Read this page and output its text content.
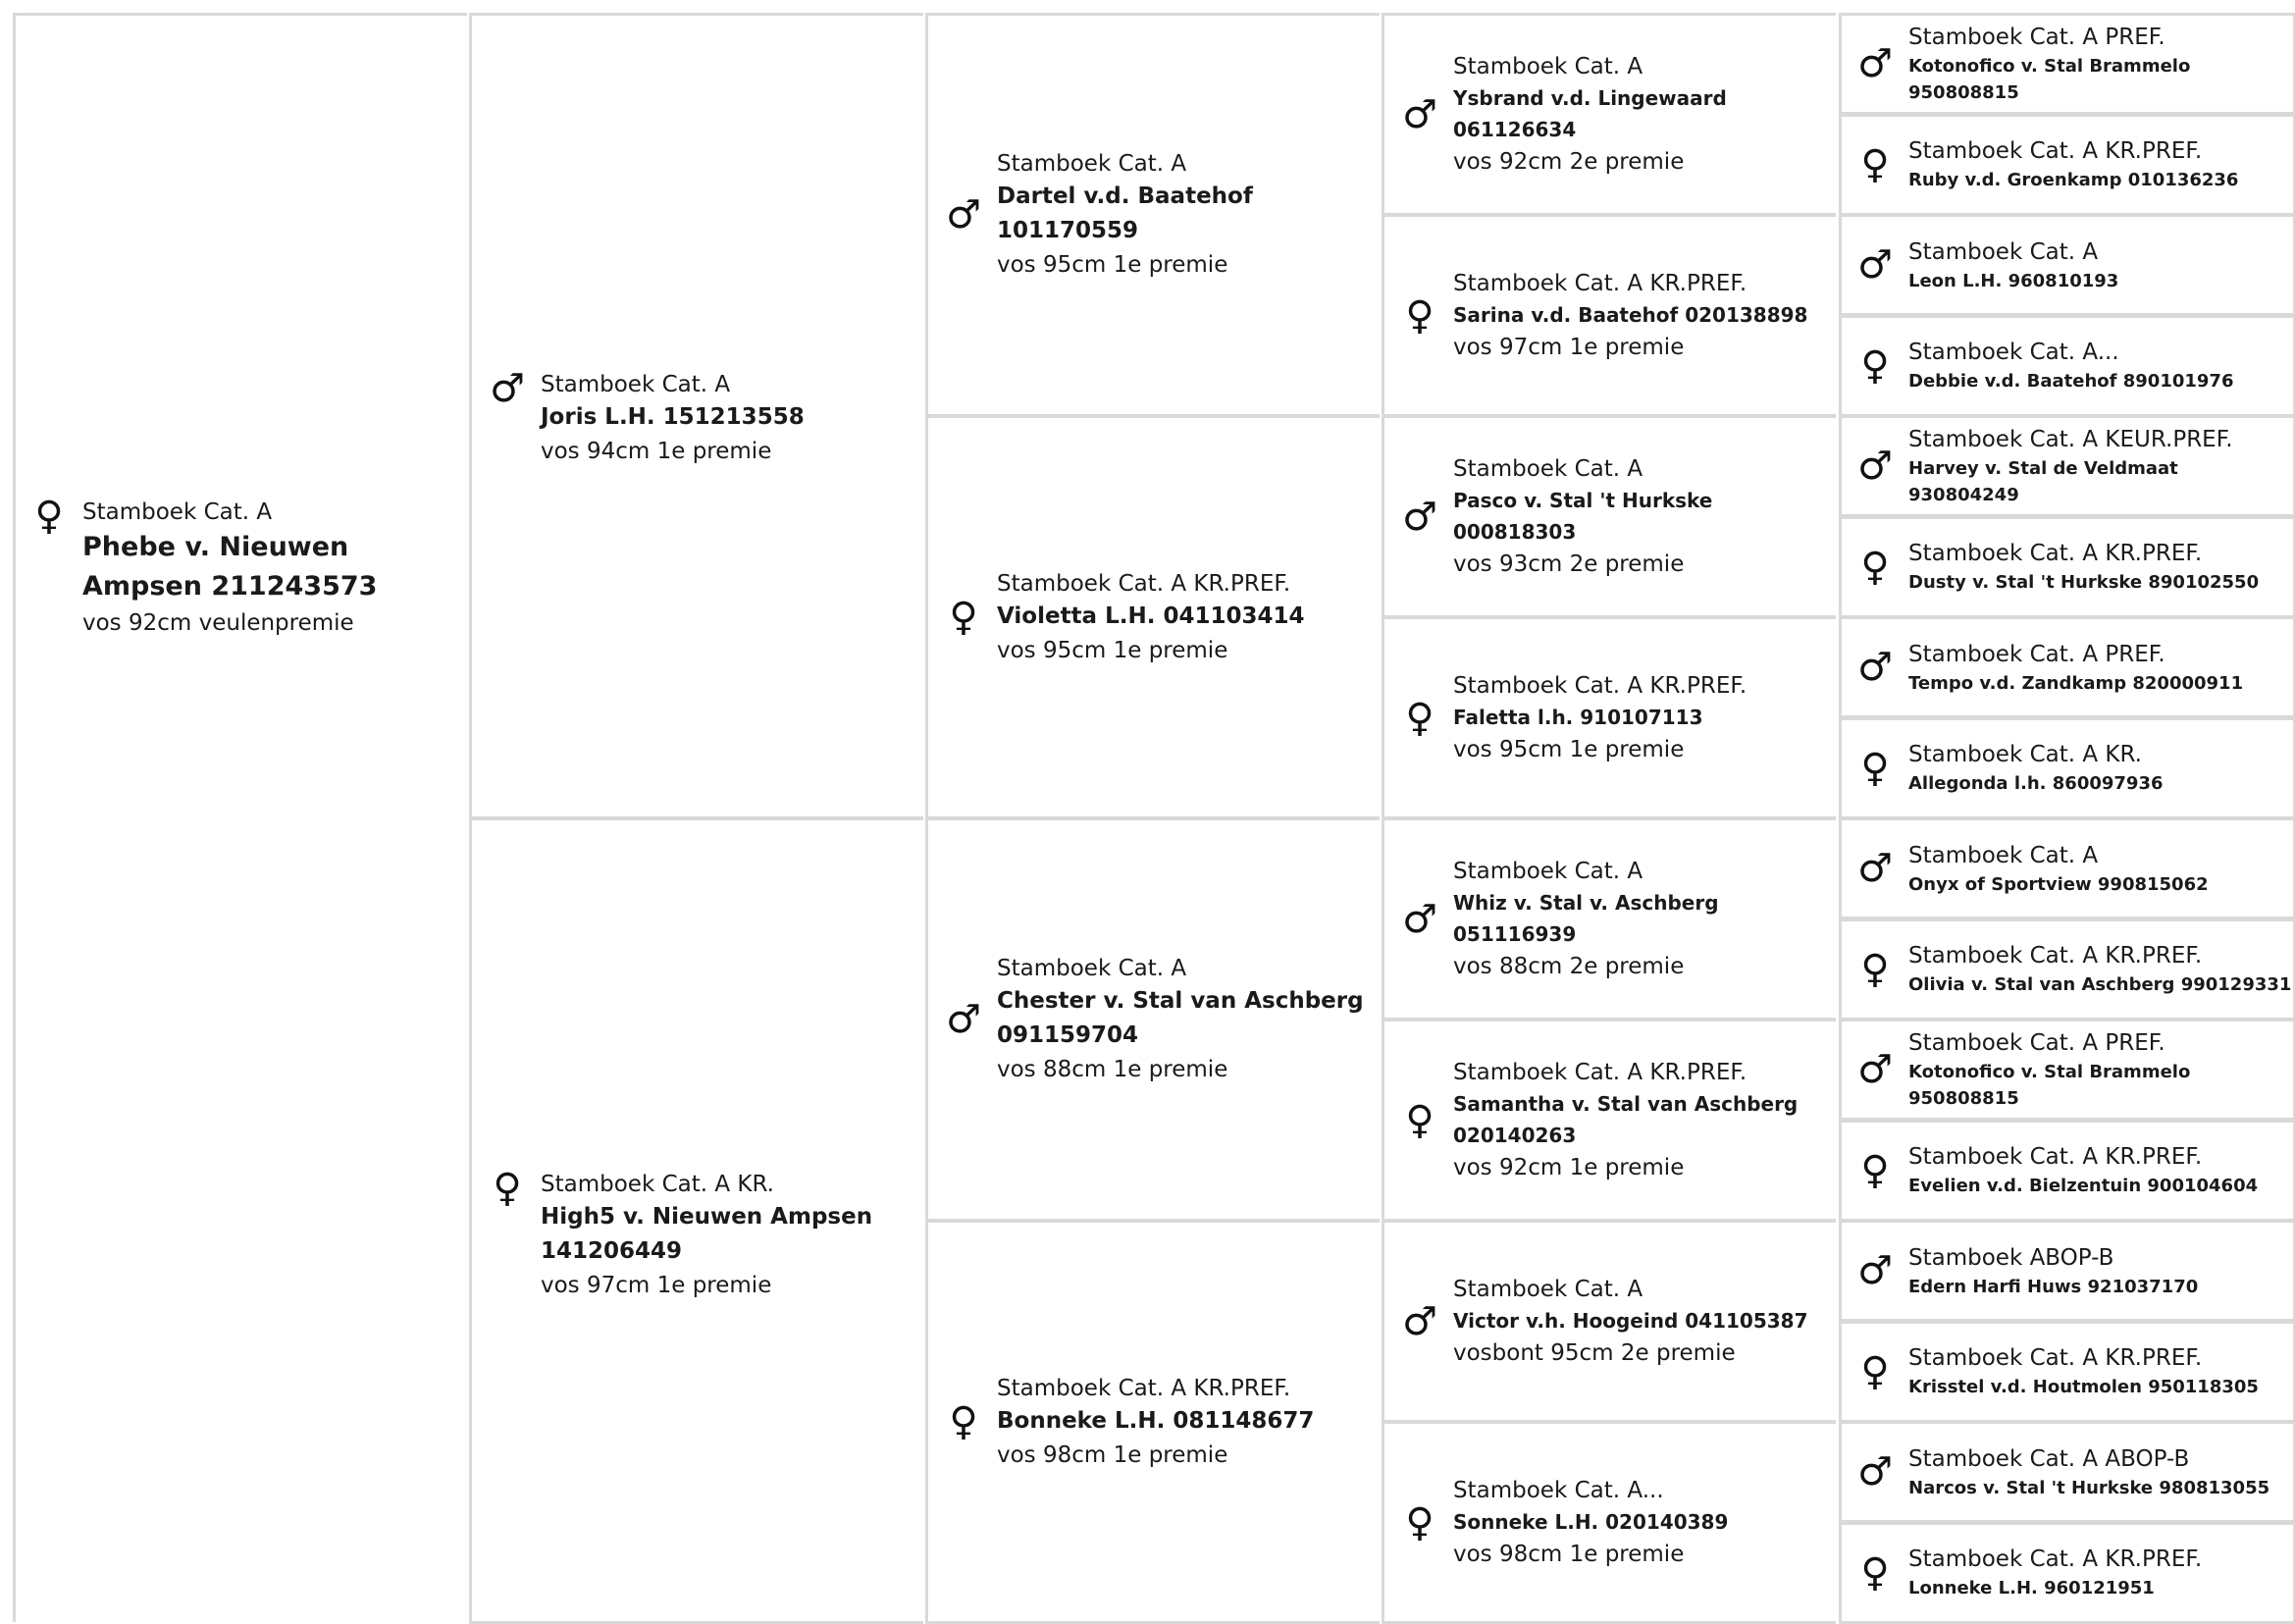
♀ Stamboek Cat. A
Phebe v. Nieuwen Ampsen 211243573
vos 92cm veulenpremie
♂ Stamboek Cat. A
Joris L.H. 151213558
vos 94cm 1e premie
♀ Stamboek Cat. A KR.
High5 v. Nieuwen Ampsen 141206449
vos 97cm 1e premie
♂
Stamboek Cat. A
Dartel v.d. Baatehof 101170559
vos 95cm 1e premie
♀
Stamboek Cat. A KR.PREF.
Violetta L.H. 041103414
vos 95cm 1e premie
♂
Stamboek Cat. A
Chester v. Stal van Aschberg 091159704
vos 88cm 1e premie
♀
Stamboek Cat. A KR.PREF.
Bonneke L.H. 081148677
vos 98cm 1e premie
♂
Stamboek Cat. A
Ysbrand v.d. Lingewaard 061126634
vos 92cm 2e premie
♀
Stamboek Cat. A KR.PREF.
Sarina v.d. Baatehof 020138898
vos 97cm 1e premie
♂
Stamboek Cat. A
Pasco v. Stal 't Hurkske 000818303
vos 93cm 2e premie
♀
Stamboek Cat. A KR.PREF.
Faletta l.h. 910107113
vos 95cm 1e premie
♂
Stamboek Cat. A
Whiz v. Stal v. Aschberg 051116939
vos 88cm 2e premie
♀
Stamboek Cat. A KR.PREF.
Samantha v. Stal van Aschberg 020140263
vos 92cm 1e premie
♂
Stamboek Cat. A
Victor v.h. Hoogeind 041105387
vosbont 95cm 2e premie
♀
Stamboek Cat. A...
Sonneke L.H. 020140389
vos 98cm 1e premie
♂
Stamboek Cat. A PREF.
Kotonofico v. Stal Brammelo 950808815
♀ Stamboek Cat. A KR.PREF.
Ruby v.d. Groenkamp 010136236
♂ Stamboek Cat. A
Leon L.H. 960810193
♀ Stamboek Cat. A...
Debbie v.d. Baatehof 890101976
♂
Stamboek Cat. A KEUR.PREF.
Harvey v. Stal de Veldmaat 930804249
♀ Stamboek Cat. A KR.PREF.
Dusty v. Stal 't Hurkske 890102550
♂ Stamboek Cat. A PREF.
Tempo v.d. Zandkamp 820000911
♀ Stamboek Cat. A KR.
Allegonda l.h. 860097936
♂ Stamboek Cat. A
Onyx of Sportview 990815062
♀ Stamboek Cat. A KR.PREF.
Olivia v. Stal van Aschberg 990129331
♂
Stamboek Cat. A PREF.
Kotonofico v. Stal Brammelo 950808815
♀ Stamboek Cat. A KR.PREF.
Evelien v.d. Bielzentuin 900104604
♂ Stamboek ABOP-B
Edern Harfi Huws 921037170
♀ Stamboek Cat. A KR.PREF.
Krisstel v.d. Houtmolen 950118305
♂ Stamboek Cat. A ABOP-B
Narcos v. Stal 't Hurkske 980813055
♀ Stamboek Cat. A KR.PREF.
Lonneke L.H. 960121951
